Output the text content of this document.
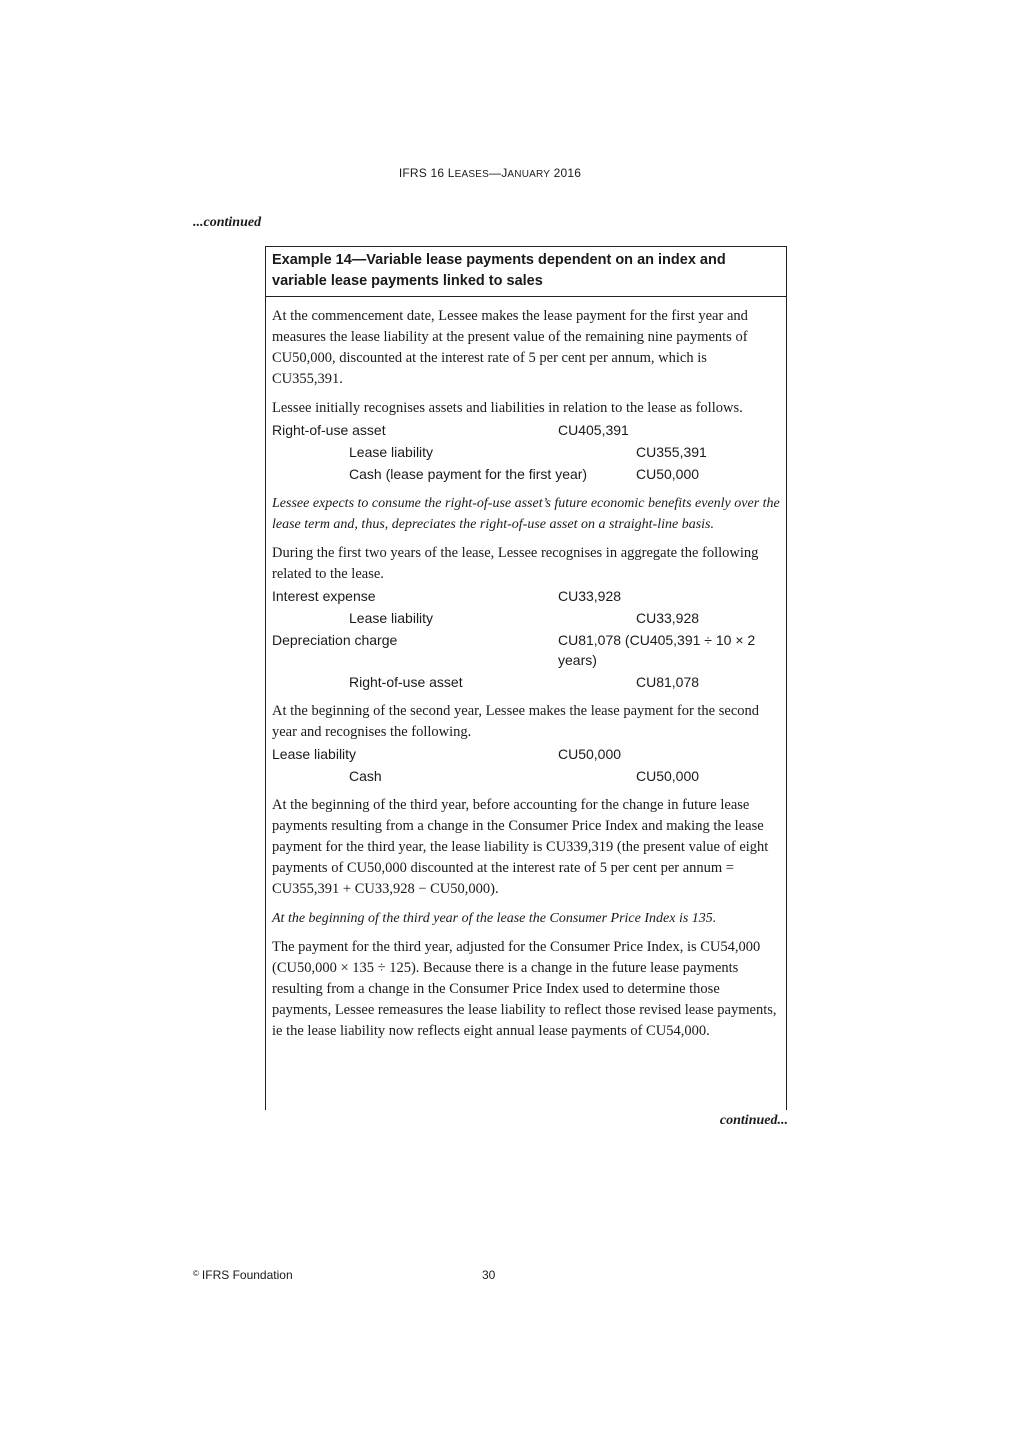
IFRS 16 LEASES—JANUARY 2016
...continued
Example 14—Variable lease payments dependent on an index and variable lease payments linked to sales

At the commencement date, Lessee makes the lease payment for the first year and measures the lease liability at the present value of the remaining nine payments of CU50,000, discounted at the interest rate of 5 per cent per annum, which is CU355,391.

Lessee initially recognises assets and liabilities in relation to the lease as follows.

Right-of-use asset	CU405,391
Lease liability	CU355,391
Cash (lease payment for the first year)	CU50,000

Lessee expects to consume the right-of-use asset’s future economic benefits evenly over the lease term and, thus, depreciates the right-of-use asset on a straight-line basis.

During the first two years of the lease, Lessee recognises in aggregate the following related to the lease.

Interest expense	CU33,928
Lease liability	CU33,928
Depreciation charge	CU81,078 (CU405,391 ÷ 10 × 2 years)
Right-of-use asset	CU81,078

At the beginning of the second year, Lessee makes the lease payment for the second year and recognises the following.

Lease liability	CU50,000
Cash	CU50,000

At the beginning of the third year, before accounting for the change in future lease payments resulting from a change in the Consumer Price Index and making the lease payment for the third year, the lease liability is CU339,319 (the present value of eight payments of CU50,000 discounted at the interest rate of 5 per cent per annum = CU355,391 + CU33,928 − CU50,000).

At the beginning of the third year of the lease the Consumer Price Index is 135.

The payment for the third year, adjusted for the Consumer Price Index, is CU54,000 (CU50,000 × 135 ÷ 125). Because there is a change in the future lease payments resulting from a change in the Consumer Price Index used to determine those payments, Lessee remeasures the lease liability to reflect those revised lease payments, ie the lease liability now reflects eight annual lease payments of CU54,000.

continued...
© IFRS Foundation	30
